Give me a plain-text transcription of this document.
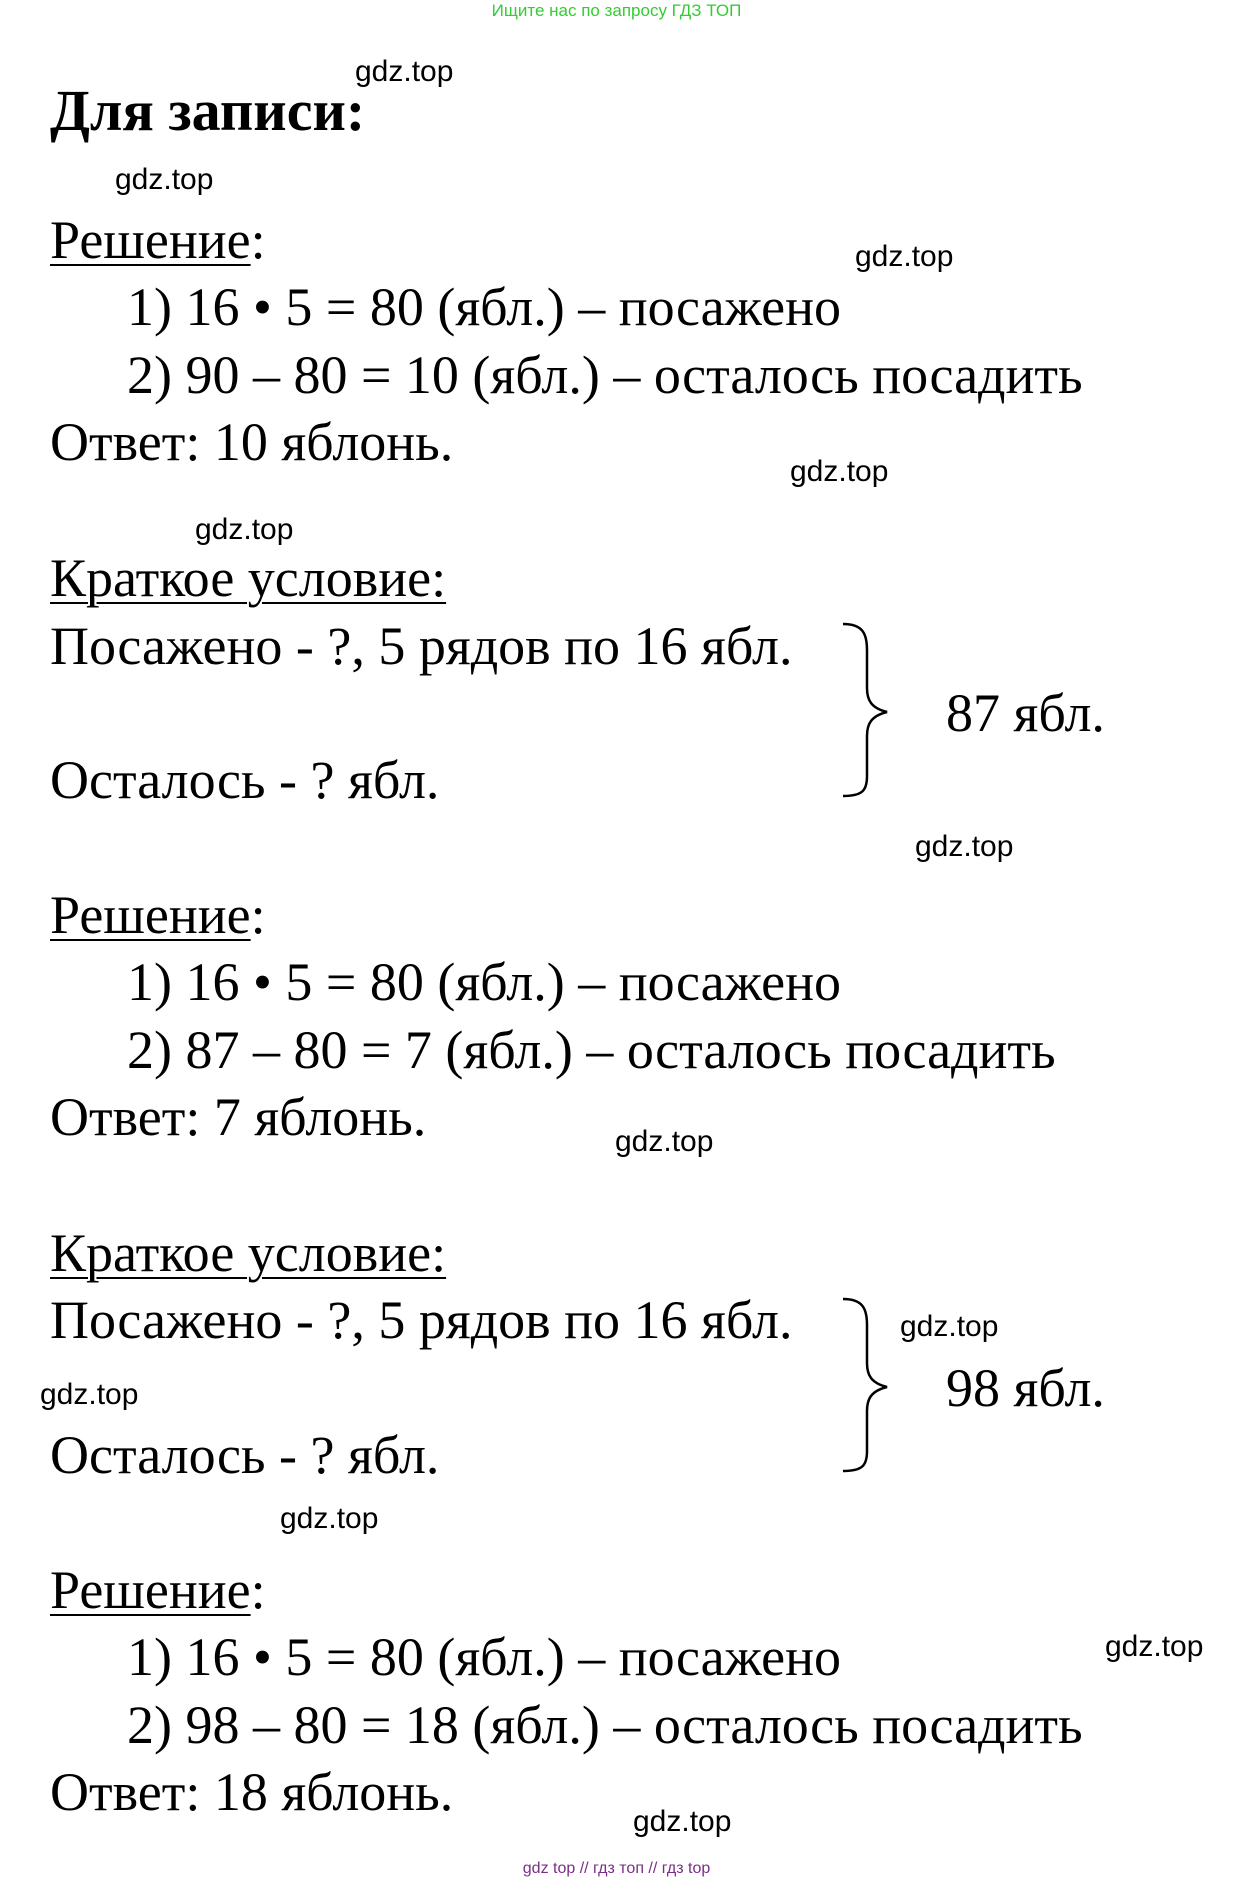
Ищите нас по запросу ГДЗ ТОП
Для записи:
gdz.top
gdz.top
gdz.top
gdz.top
gdz.top
gdz.top
gdz.top
gdz.top
gdz.top
gdz.top
gdz.top
gdz.top
Решение:
1) 16 • 5 = 80 (ябл.) – посажено
2) 90 – 80 = 10 (ябл.) – осталось посадить
Ответ: 10 яблонь.
Краткое условие:
Посажено - ?, 5 рядов по 16 ябл.
Осталось - ? ябл.
87 ябл.
Решение:
1) 16 • 5 = 80 (ябл.) – посажено
2) 87 – 80 = 7 (ябл.) – осталось посадить
Ответ: 7 яблонь.
Краткое условие:
Посажено - ?, 5 рядов по 16 ябл.
Осталось - ? ябл.
98 ябл.
Решение:
1) 16 • 5 = 80 (ябл.) – посажено
2) 98 – 80 = 18 (ябл.) – осталось посадить
Ответ: 18 яблонь.
gdz top // гдз топ // гдз top
